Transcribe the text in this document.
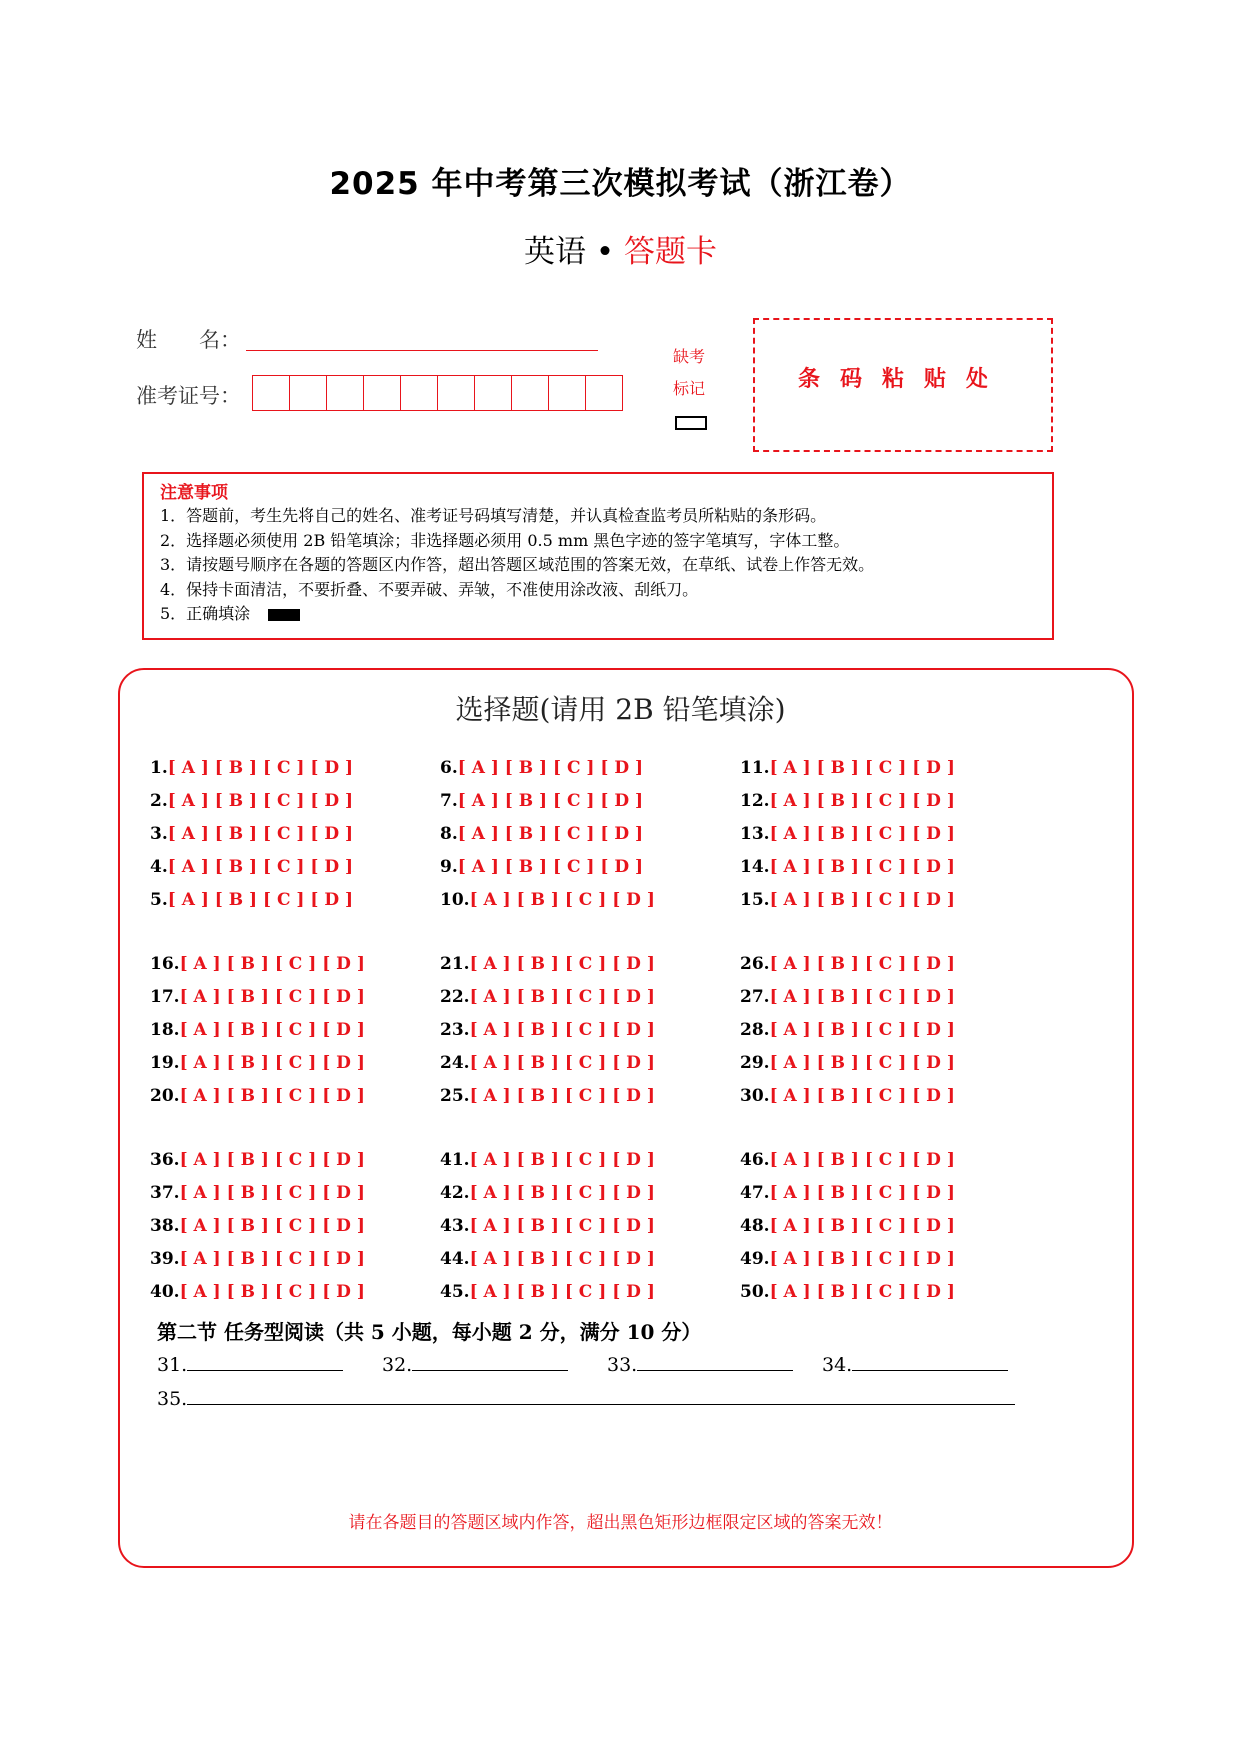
2025 年中考第三次模拟考试（浙江卷）
英语 • 答题卡
姓　　名：
准考证号：
缺考
标记	条码粘贴处
注意事项
1．答题前，考生先将自己的姓名、准考证号码填写清楚，并认真检查监考员所粘贴的条形码。
2．选择题必须使用 2B 铅笔填涂；非选择题必须用 0.5 mm 黑色字迹的签字笔填写，字体工整。
3．请按题号顺序在各题的答题区内作答，超出答题区域范围的答案无效，在草纸、试卷上作答无效。
4．保持卡面清洁，不要折叠、不要弄破、弄皱，不准使用涂改液、刮纸刀。
5．正确填涂
选择题(请用 2B 铅笔填涂)
1.[ A ] [ B ] [ C ] [ D ]
2.[ A ] [ B ] [ C ] [ D ]
3.[ A ] [ B ] [ C ] [ D ]
4.[ A ] [ B ] [ C ] [ D ]
5.[ A ] [ B ] [ C ] [ D ]
6.[ A ] [ B ] [ C ] [ D ]
7.[ A ] [ B ] [ C ] [ D ]
8.[ A ] [ B ] [ C ] [ D ]
9.[ A ] [ B ] [ C ] [ D ]
10.[ A ] [ B ] [ C ] [ D ]
11.[ A ] [ B ] [ C ] [ D ]
12.[ A ] [ B ] [ C ] [ D ]
13.[ A ] [ B ] [ C ] [ D ]
14.[ A ] [ B ] [ C ] [ D ]
15.[ A ] [ B ] [ C ] [ D ]
16.[ A ] [ B ] [ C ] [ D ]
17.[ A ] [ B ] [ C ] [ D ]
18.[ A ] [ B ] [ C ] [ D ]
19.[ A ] [ B ] [ C ] [ D ]
20.[ A ] [ B ] [ C ] [ D ]
21.[ A ] [ B ] [ C ] [ D ]
22.[ A ] [ B ] [ C ] [ D ]
23.[ A ] [ B ] [ C ] [ D ]
24.[ A ] [ B ] [ C ] [ D ]
25.[ A ] [ B ] [ C ] [ D ]
26.[ A ] [ B ] [ C ] [ D ]
27.[ A ] [ B ] [ C ] [ D ]
28.[ A ] [ B ] [ C ] [ D ]
29.[ A ] [ B ] [ C ] [ D ]
30.[ A ] [ B ] [ C ] [ D ]
36.[ A ] [ B ] [ C ] [ D ]
37.[ A ] [ B ] [ C ] [ D ]
38.[ A ] [ B ] [ C ] [ D ]
39.[ A ] [ B ] [ C ] [ D ]
40.[ A ] [ B ] [ C ] [ D ]
41.[ A ] [ B ] [ C ] [ D ]
42.[ A ] [ B ] [ C ] [ D ]
43.[ A ] [ B ] [ C ] [ D ]
44.[ A ] [ B ] [ C ] [ D ]
45.[ A ] [ B ] [ C ] [ D ]
46.[ A ] [ B ] [ C ] [ D ]
47.[ A ] [ B ] [ C ] [ D ]
48.[ A ] [ B ] [ C ] [ D ]
49.[ A ] [ B ] [ C ] [ D ]
50.[ A ] [ B ] [ C ] [ D ]
第二节 任务型阅读（共 5 小题，每小题 2 分，满分 10 分）
31.	32.	33.	34.
35.
请在各题目的答题区域内作答，超出黑色矩形边框限定区域的答案无效！
